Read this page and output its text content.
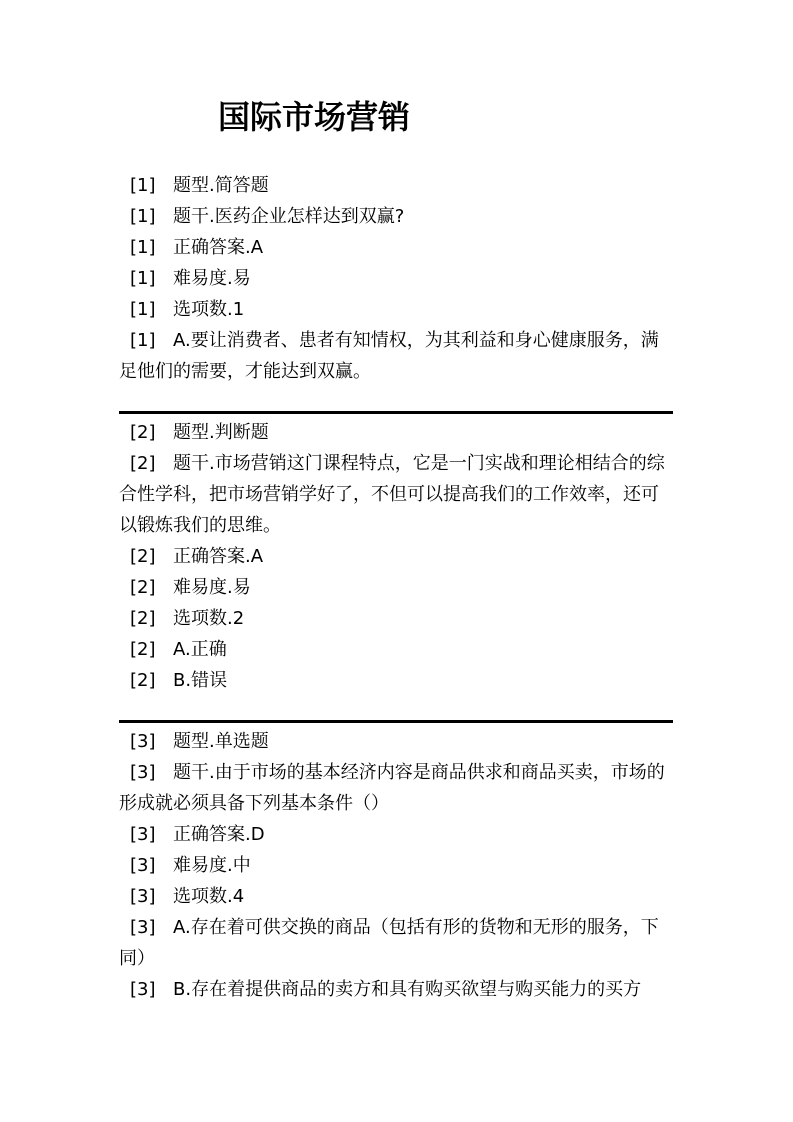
国际市场营销
[1] 题型.简答题
[1] 题干.医药企业怎样达到双赢?
[1] 正确答案.A
[1] 难易度.易
[1] 选项数.1
[1] A.要让消费者、患者有知情权，为其利益和身心健康服务，满
足他们的需要，才能达到双赢。
[2] 题型.判断题
[2] 题干.市场营销这门课程特点，它是一门实战和理论相结合的综
合性学科，把市场营销学好了，不但可以提高我们的工作效率，还可
以锻炼我们的思维。
[2] 正确答案.A
[2] 难易度.易
[2] 选项数.2
[2] A.正确
[2] B.错误
[3] 题型.单选题
[3] 题干.由于市场的基本经济内容是商品供求和商品买卖，市场的
形成就必须具备下列基本条件（）
[3] 正确答案.D
[3] 难易度.中
[3] 选项数.4
[3] A.存在着可供交换的商品（包括有形的货物和无形的服务，下
同）
[3] B.存在着提供商品的卖方和具有购买欲望与购买能力的买方
